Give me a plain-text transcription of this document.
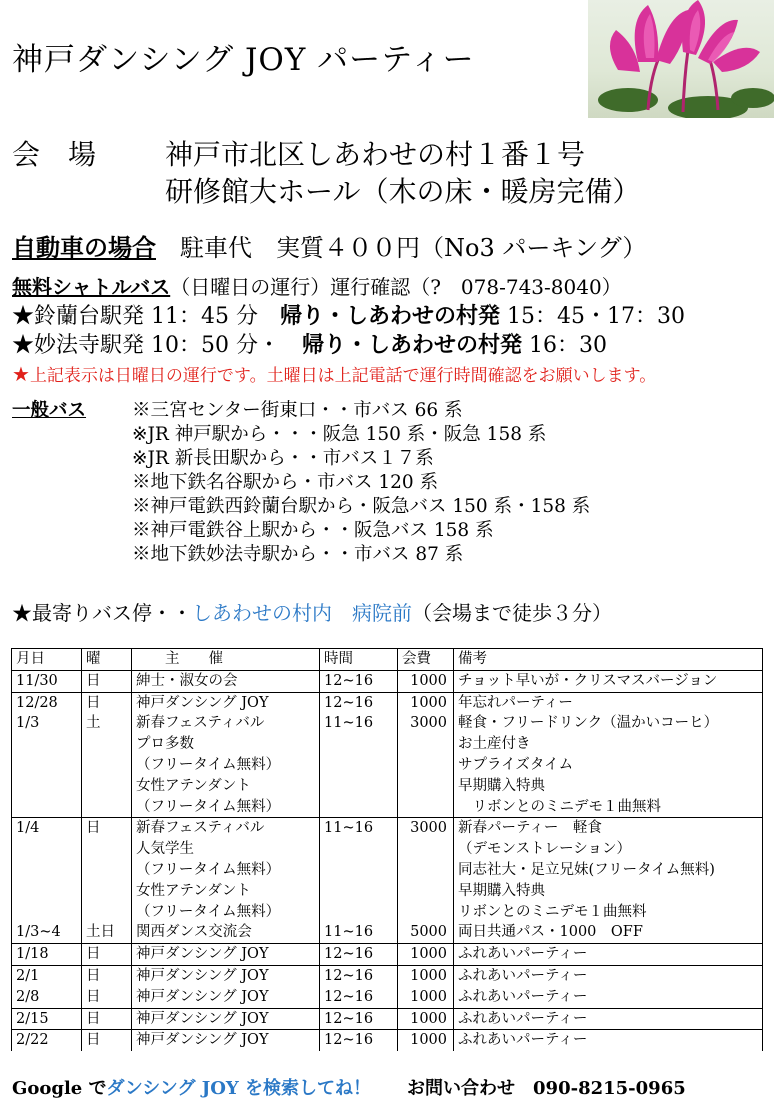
神戸ダンシング JOY パーティー
会　場 神戸市北区しあわせの村１番１号
研修館大ホール（木の床・暖房完備）
自動車の場合　 駐車代　実質４００円（No3 パーキング）
無料シャトルバス（日曜日の運行）運行確認（?　078-743-8040）
★鈴蘭台駅発 11：45 分　帰り・しあわせの村発 15：45・17：30
★妙法寺駅発 10：50 分・　帰り・しあわせの村発 16：30
★上記表示は日曜日の運行です。土曜日は上記電話で運行時間確認をお願いします。
一般バス ※三宮センター街東口・・市バス 66 系
※JR 神戸駅から・・・阪急 150 系・阪急 158 系
※JR 新長田駅から・・市バス１７系
※地下鉄名谷駅から・市バス 120 系
※神戸電鉄西鈴蘭台駅から・阪急バス 150 系・158 系
※神戸電鉄谷上駅から・・阪急バス 158 系
※地下鉄妙法寺駅から・・市バス 87 系
★最寄りバス停・・しあわせの村内　病院前（会場まで徒歩３分）
月日	曜	　　主　　催	時間	会費	備考
11/30	日	紳士・淑女の会	12~16	1000	チョット早いが・クリスマスバージョン
12/28	日	神戸ダンシング JOY	12~16	1000	年忘れパーティー
1/3	土	新春フェスティバル	11~16	3000	軽食・フリードリンク（温かいコーヒ）
		プロ多数			お土産付き
		（フリータイム無料）			サプライズタイム
		女性アテンダント			早期購入特典
		（フリータイム無料）			　リボンとのミニデモ１曲無料
1/4	日	新春フェスティバル	11~16	3000	新春パーティー　軽食
		人気学生			（デモンストレーション）
		（フリータイム無料）			同志社大・足立兄妹(フリータイム無料)
		女性アテンダント			早期購入特典
		（フリータイム無料）			リボンとのミニデモ１曲無料
1/3~4	土日	関西ダンス交流会	11~16	5000	両日共通パス・1000　OFF
1/18	日	神戸ダンシング JOY	12~16	1000	ふれあいパーティー
2/1	日	神戸ダンシング JOY	12~16	1000	ふれあいパーティー
2/8	日	神戸ダンシング JOY	12~16	1000	ふれあいパーティー
2/15	日	神戸ダンシング JOY	12~16	1000	ふれあいパーティー
2/22	日	神戸ダンシング JOY	12~16	1000	ふれあいパーティー
Google でダンシング JOY を検索してね！　　お問い合わせ　090-8215-0965
